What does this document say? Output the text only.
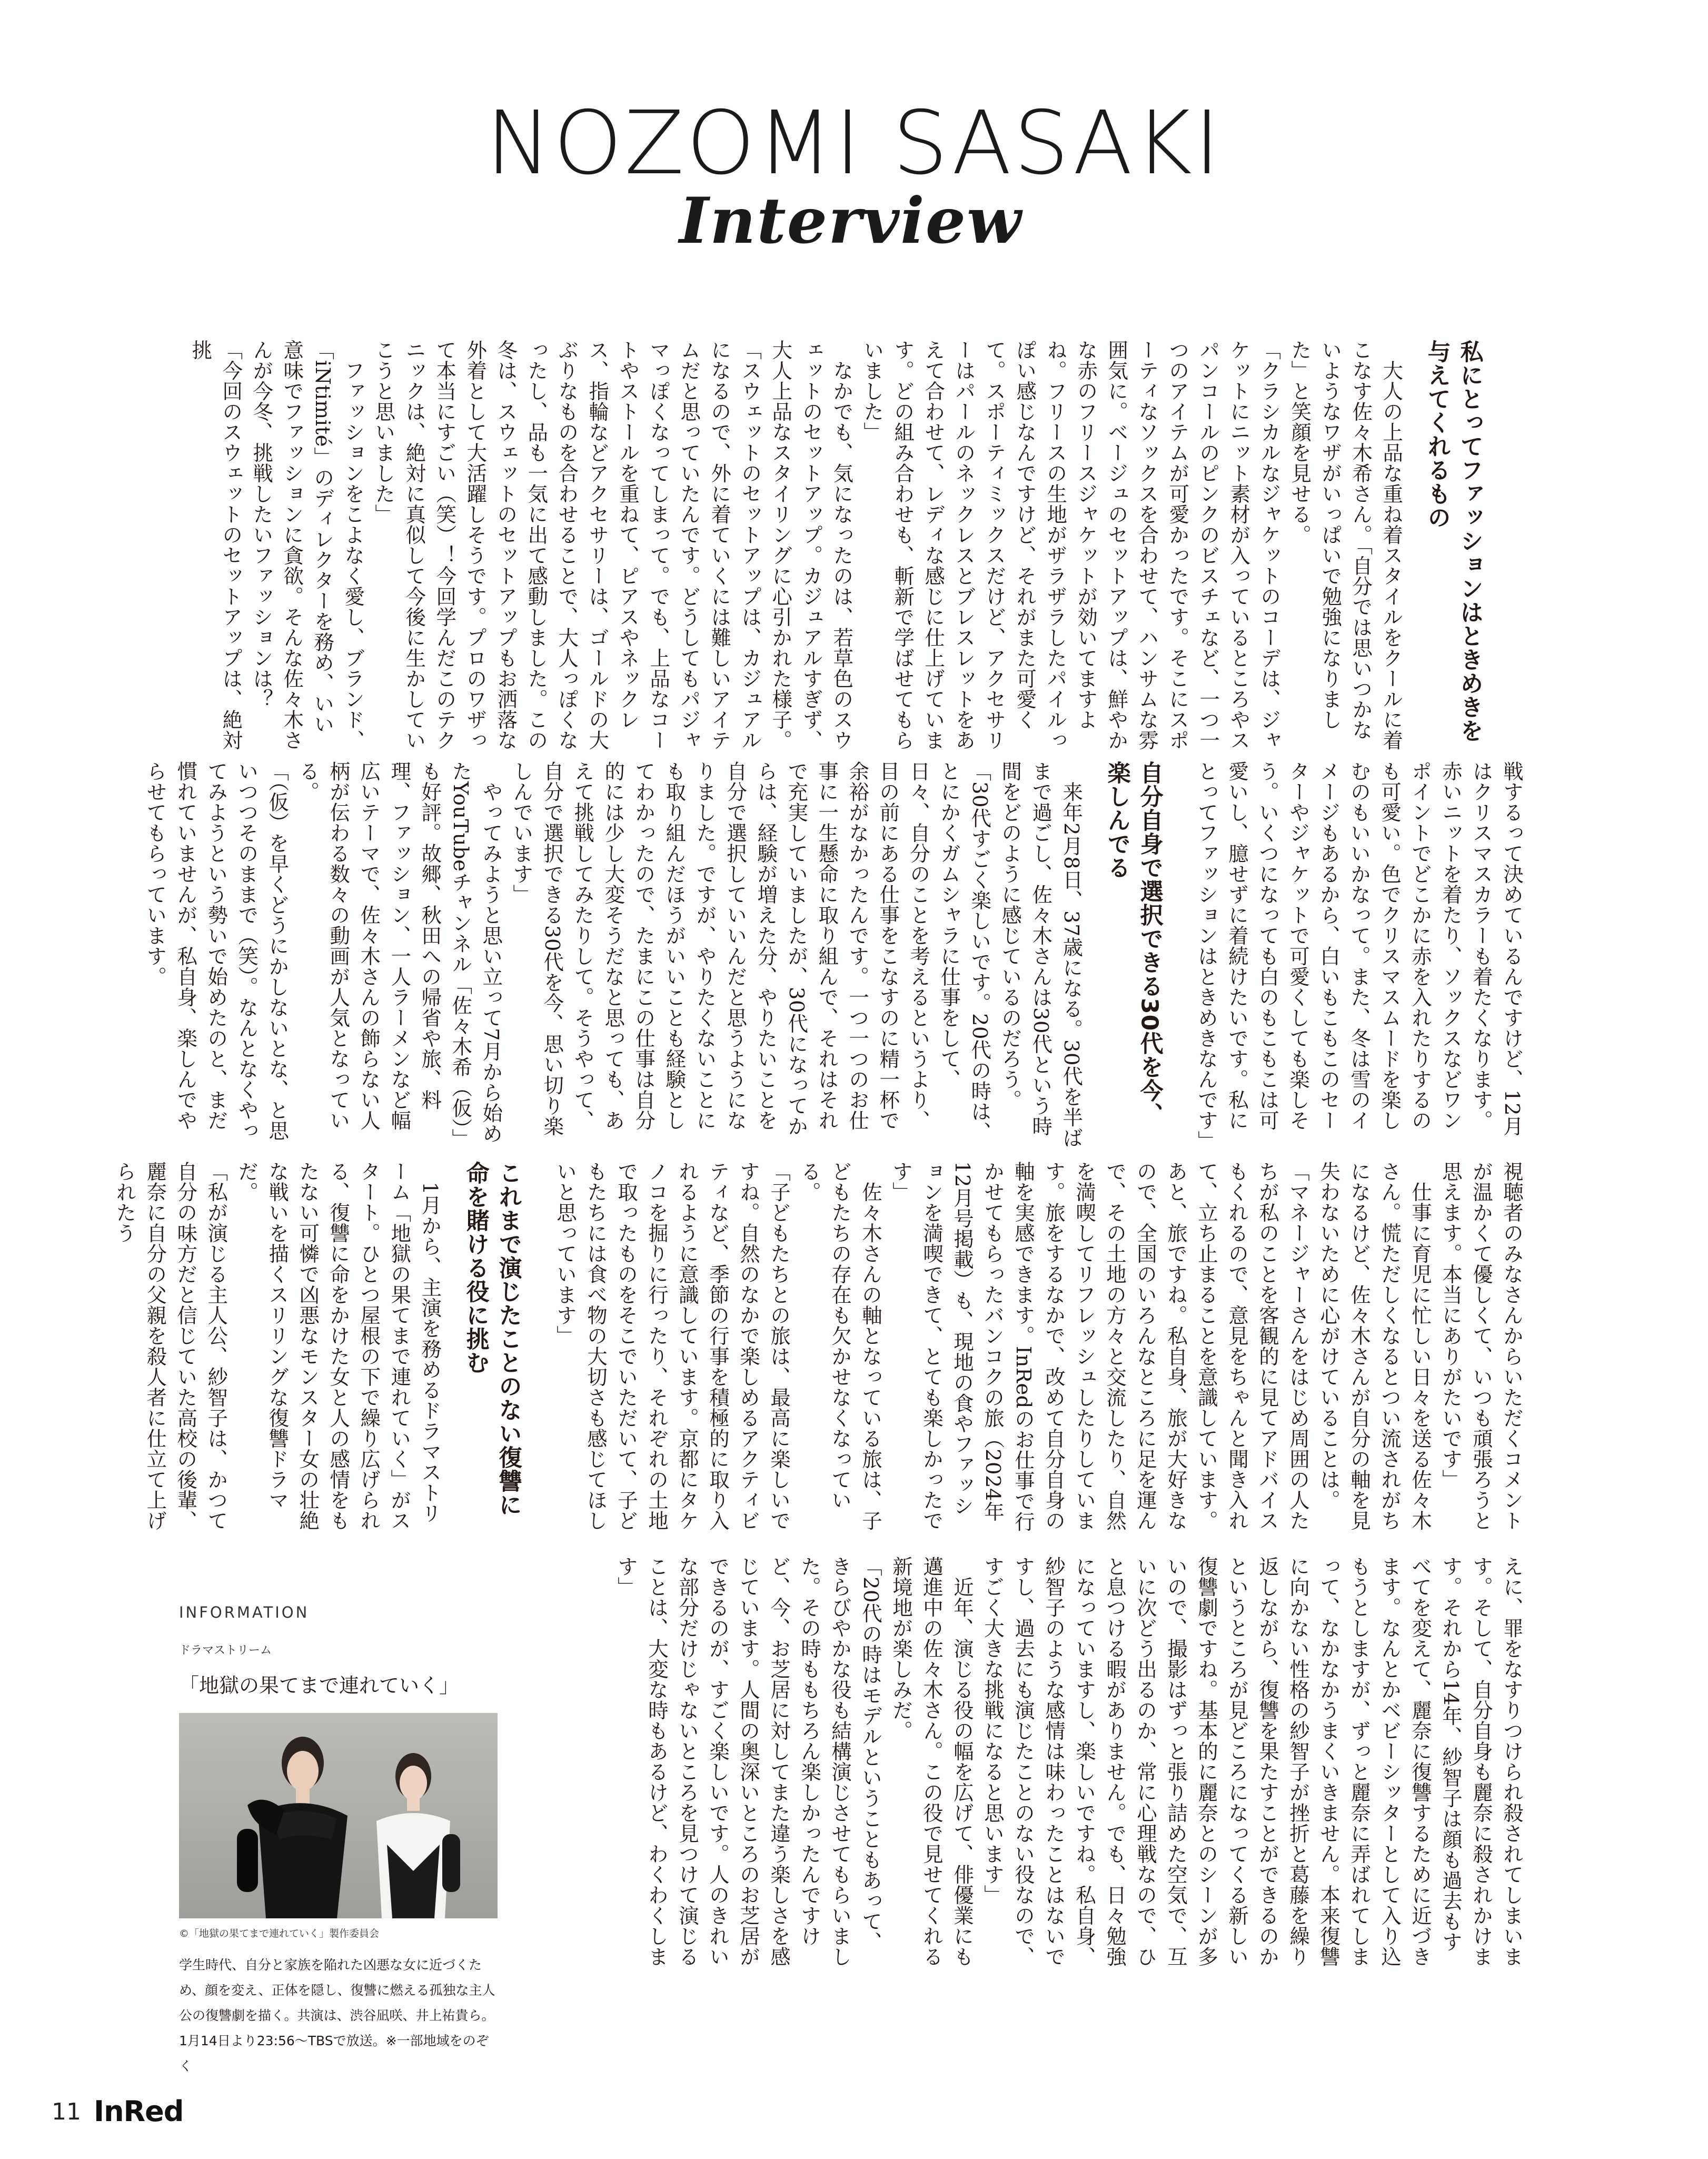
NOZOMI SASAKI
Interview
私にとってファッションはときめきを与えてくれるもの

大人の上品な重ね着スタイルをクールに着こなす佐々木希さん。「自分では思いつかないようなワザがいっぱいで勉強になりました」と笑顔を見せる。

「クラシカルなジャケットのコーデは、ジャケットにニット素材が入っているところやスパンコールのピンクのビスチェなど、一つ一つのアイテムが可愛かったです。そこにスポーティなソックスを合わせて、ハンサムな雰囲気に。ベージュのセットアップは、鮮やかな赤のフリースジャケットが効いてますよね。フリースの生地がザラザラしたパイルっぽい感じなんですけど、それがまた可愛くて。スポーティミックスだけど、アクセサリーはパールのネックレスとブレスレットをあえて合わせて、レディな感じに仕上げています。どの組み合わせも、斬新で学ばせてもらいました」

なかでも、気になったのは、若草色のスウェットのセットアップ。カジュアルすぎず、大人上品なスタイリングに心引かれた様子。「スウェットのセットアップは、カジュアルになるので、外に着ていくには難しいアイテムだと思っていたんです。どうしてもパジャマっぽくなってしまって。でも、上品なコートやストールを重ねて、ピアスやネックレス、指輪などアクセサリーは、ゴールドの大ぶりなものを合わせることで、大人っぽくなったし、品も一気に出て感動しました。この冬は、スウェットのセットアップもお洒落な外着として大活躍しそうです。プロのワザって本当にすごい（笑）！今回学んだこのテクニックは、絶対に真似して今後に生かしていこうと思いました」

ファッションをこよなく愛し、ブランド、「iNtimité」のディレクターを務め、いい意味でファッションに貪欲。そんな佐々木さんが今冬、挑戦したいファッションは？

「今回のスウェットのセットアップは、絶対挑

戦するって決めているんですけど、12月はクリスマスカラーも着たくなります。赤いニットを着たり、ソックスなどワンポイントでどこかに赤を入れたりするのも可愛い。色でクリスマスムードを楽しむのもいいかなって。また、冬は雪のイメージもあるから、白いもこもこのセーターやジャケットで可愛くしても楽しそう。いくつになっても白のもこもこは可愛いし、臆せずに着続けたいです。私にとってファッションはときめきなんです」

自分自身で選択できる30代を今、楽しんでる

来年2月8日、37歳になる。30代を半ばまで過ごし、佐々木さんは30代という時間をどのように感じているのだろう。

「30代すごく楽しいです。20代の時は、とにかくガムシャラに仕事をして、日々、自分のことを考えるというより、目の前にある仕事をこなすのに精一杯で余裕がなかったんです。一つ一つのお仕事に一生懸命に取り組んで、それはそれで充実していましたが、30代になってからは、経験が増えた分、やりたいことを自分で選択していいんだと思うようになりました。ですが、やりたくないことにも取り組んだほうがいいことも経験としてわかったので、たまにこの仕事は自分的には少し大変そうだなと思っても、あえて挑戦してみたりして。そうやって、自分で選択できる30代を今、思い切り楽しんでいます」

やってみようと思い立って7月から始めたYouTubeチャンネル「佐々木希（仮）」も好評。故郷、秋田への帰省や旅、料理、ファッション、一人ラーメンなど幅広いテーマで、佐々木さんの飾らない人柄が伝わる数々の動画が人気となっている。

「（仮）を早くどうにかしないとな、と思いつつそのままで（笑）。なんとなくやってみようという勢いで始めたのと、まだ慣れていませんが、私自身、楽しんでやらせてもらっています。

視聴者のみなさんからいただくコメントが温かくて優しくて、いつも頑張ろうと思えます。本当にありがたいです」

仕事に育児に忙しい日々を送る佐々木さん。慌ただしくなるとつい流されがちになるけど、佐々木さんが自分の軸を見失わないために心がけていることは。

「マネージャーさんをはじめ周囲の人たちが私のことを客観的に見てアドバイスもくれるので、意見をちゃんと聞き入れて、立ち止まることを意識しています。あと、旅ですね。私自身、旅が大好きなので、全国のいろんなところに足を運んで、その土地の方々と交流したり、自然を満喫してリフレッシュしたりしています。旅をするなかで、改めて自分自身の軸を実感できます。InRedのお仕事で行かせてもらったバンコクの旅（2024年12月号掲載）も、現地の食やファッションを満喫できて、とても楽しかったです」

佐々木さんの軸となっている旅は、子どもたちの存在も欠かせなくなっている。

「子どもたちとの旅は、最高に楽しいですね。自然のなかで楽しめるアクティビティなど、季節の行事を積極的に取り入れるように意識しています。京都にタケノコを掘りに行ったり、それぞれの土地で取ったものをそこでいただいて、子どもたちには食べ物の大切さも感じてほしいと思っています」

これまで演じたことのない復讐に命を賭ける役に挑む

1月から、主演を務めるドラマストリーム「地獄の果てまで連れていく」がスタート。ひとつ屋根の下で繰り広げられる、復讐に命をかけた女と人の感情をもたない可憐で凶悪なモンスター女の壮絶な戦いを描くスリリングな復讐ドラマだ。

「私が演じる主人公、紗智子は、かつて自分の味方だと信じていた高校の後輩、麗奈に自分の父親を殺人者に仕立て上げられたう

えに、罪をなすりつけられ殺されてしまいます。そして、自分自身も麗奈に殺されかけます。それから14年、紗智子は顔も過去もすべてを変えて、麗奈に復讐するために近づきます。なんとかベビーシッターとして入り込もうとしますが、ずっと麗奈に弄ばれてしまって、なかなかうまくいきません。本来復讐に向かない性格の紗智子が挫折と葛藤を繰り返しながら、復讐を果たすことができるのかというところが見どころになってくる新しい復讐劇ですね。基本的に麗奈とのシーンが多いので、撮影はずっと張り詰めた空気で、互いに次どう出るのか、常に心理戦なので、ひと息つける暇がありません。でも、日々勉強になっていますし、楽しいですね。私自身、紗智子のような感情は味わったことはないですし、過去にも演じたことのない役なので、すごく大きな挑戦になると思います」

近年、演じる役の幅を広げて、俳優業にも邁進中の佐々木さん。この役で見せてくれる新境地が楽しみだ。

「20代の時はモデルということもあって、きらびやかな役も結構演じさせてもらいました。その時ももちろん楽しかったんですけど、今、お芝居に対してまた違う楽しさを感じています。人間の奥深いところのお芝居ができるのが、すごく楽しいです。人のきれいな部分だけじゃないところを見つけて演じることは、大変な時もあるけど、わくわくします」

INFORMATION
ドラマストリーム
「地獄の果てまで連れていく」
©「地獄の果てまで連れていく」製作委員会
学生時代、自分と家族を陥れた凶悪な女に近づくため、顔を変え、正体を隠し、復讐に燃える孤独な主人公の復讐劇を描く。共演は、渋谷凪咲、井上祐貴ら。1月14日より23:56〜TBSで放送。※一部地域をのぞく
11 InRed
